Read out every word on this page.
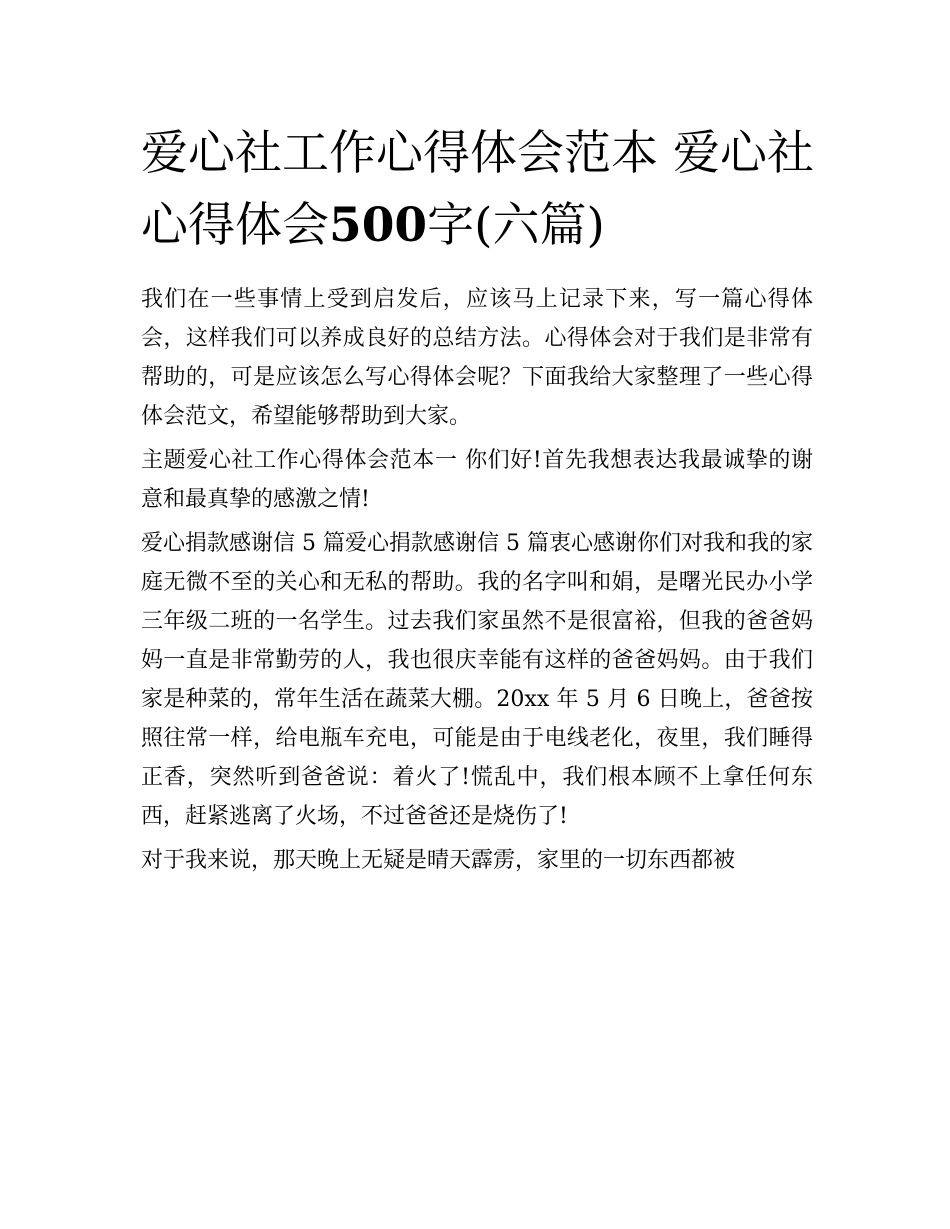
爱心社工作心得体会范本 爱心社心得体会500字(六篇)

我们在一些事情上受到启发后，应该马上记录下来，写一篇心得体会，这样我们可以养成良好的总结方法。心得体会对于我们是非常有帮助的，可是应该怎么写心得体会呢？下面我给大家整理了一些心得体会范文，希望能够帮助到大家。

主题爱心社工作心得体会范本一 你们好!首先我想表达我最诚挚的谢意和最真挚的感激之情!

爱心捐款感谢信 5 篇爱心捐款感谢信 5 篇衷心感谢你们对我和我的家庭无微不至的关心和无私的帮助。我的名字叫和娟，是曙光民办小学三年级二班的一名学生。过去我们家虽然不是很富裕，但我的爸爸妈妈一直是非常勤劳的人，我也很庆幸能有这样的爸爸妈妈。由于我们家是种菜的，常年生活在蔬菜大棚。20xx 年 5 月 6 日晚上，爸爸按照往常一样，给电瓶车充电，可能是由于电线老化，夜里，我们睡得正香，突然听到爸爸说：着火了!慌乱中，我们根本顾不上拿任何东西，赶紧逃离了火场，不过爸爸还是烧伤了!

对于我来说，那天晚上无疑是晴天霹雳，家里的一切东西都被
